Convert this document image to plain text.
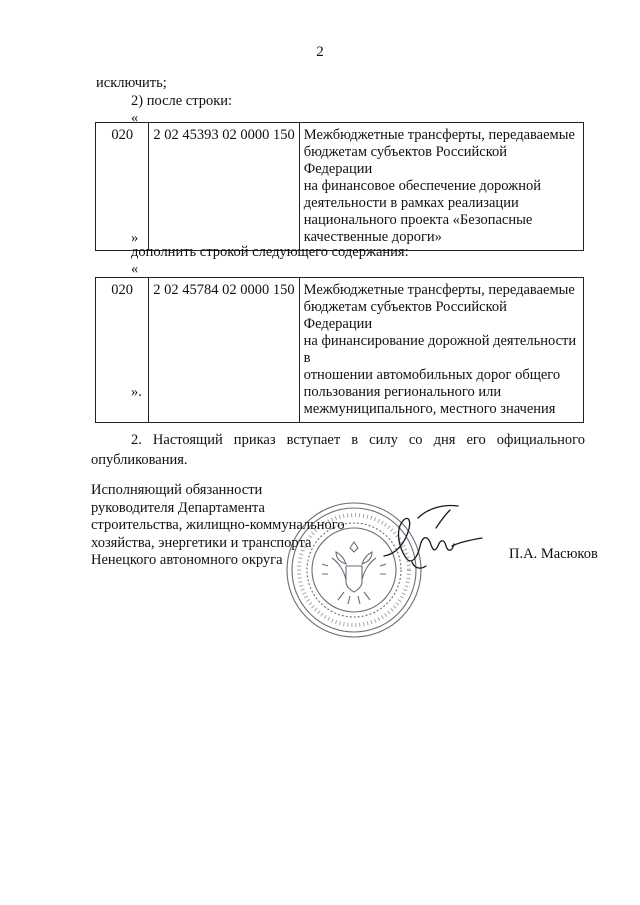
2
исключить;
2) после строки:
«
020	2 02 45393 02 0000 150	Межбюджетные трансферты, передаваемые
бюджетам субъектов Российской Федерации
на финансовое обеспечение дорожной
деятельности в рамках реализации
национального проекта «Безопасные
качественные дороги»
»
дополнить строкой следующего содержания:
«
020	2 02 45784 02 0000 150	Межбюджетные трансферты, передаваемые
бюджетам субъектов Российской Федерации
на финансирование дорожной деятельности в
отношении автомобильных дорог общего
пользования регионального или
межмуниципального, местного значения
».
2. Настоящий приказ вступает в силу со дня его официального
опубликования.
Исполняющий обязанности
руководителя Департамента
строительства, жилищно-коммунального
хозяйства, энергетики и транспорта
Ненецкого автономного округа	П.А. Масюков
